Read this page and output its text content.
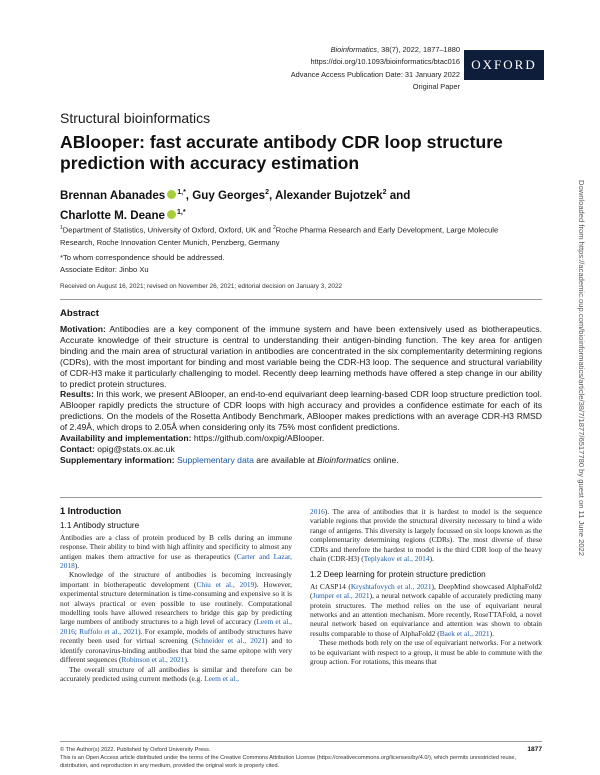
Bioinformatics, 38(7), 2022, 1877–1880
https://doi.org/10.1093/bioinformatics/btac016
Advance Access Publication Date: 31 January 2022
Original Paper
OXFORD
Structural bioinformatics
ABlooper: fast accurate antibody CDR loop structure prediction with accuracy estimation
Brennan Abanades $^{1,*}$, Guy Georges$^2$, Alexander Bujotzek$^2$ and
Charlotte M. Deane $^{1,*}$
$^1$Department of Statistics, University of Oxford, Oxford, UK and $^2$Roche Pharma Research and Early Development, Large Molecule Research, Roche Innovation Center Munich, Penzberg, Germany
*To whom correspondence should be addressed.
Associate Editor: Jinbo Xu
Received on August 16, 2021; revised on November 26, 2021; editorial decision on January 3, 2022
Abstract

Motivation: Antibodies are a key component of the immune system and have been extensively used as biotherapeutics. Accurate knowledge of their structure is central to understanding their antigen-binding function. The key area for antigen binding and the main area of structural variation in antibodies are concentrated in the six complementarity determining regions (CDRs), with the most important for binding and most variable being the CDR-H3 loop. The sequence and structural variability of CDR-H3 make it particularly challenging to model. Recently deep learning methods have offered a step change in our ability to predict protein structures.

Results: In this work, we present ABlooper, an end-to-end equivariant deep learning-based CDR loop structure prediction tool. ABlooper rapidly predicts the structure of CDR loops with high accuracy and provides a confidence estimate for each of its predictions. On the models of the Rosetta Antibody Benchmark, ABlooper makes predictions with an average CDR-H3 RMSD of 2.49Å, which drops to 2.05Å when considering only its 75% most confident predictions.

Availability and implementation: https://github.com/oxpig/ABlooper.

Contact: opig@stats.ox.ac.uk

Supplementary information: Supplementary data are available at Bioinformatics online.

1 Introduction
1.1 Antibody structure

Antibodies are a class of protein produced by B cells during an immune response. Their ability to bind with high affinity and specificity to almost any antigen makes them attractive for use as therapeutics (Carter and Lazar, 2018).

Knowledge of the structure of antibodies is becoming increasingly important in biotherapeutic development (Chiu et al., 2019). However, experimental structure determination is time-consuming and expensive so it is not always practical or even possible to use routinely. Computational modelling tools have allowed researchers to bridge this gap by predicting large numbers of antibody structures to a high level of accuracy (Leem et al., 2016; Ruffolo et al., 2021). For example, models of antibody structures have recently been used for virtual screening (Schneider et al., 2021) and to identify coronavirus-binding antibodies that bind the same epitope with very different sequences (Robinson et al., 2021).

The overall structure of all antibodies is similar and therefore can be accurately predicted using current methods (e.g. Leem et al.,

2016). The area of antibodies that it is hardest to model is the sequence variable regions that provide the structural diversity necessary to bind a wide range of antigens. This diversity is largely focussed on six loops known as the complementarity determining regions (CDRs). The most diverse of these CDRs and therefore the hardest to model is the third CDR loop of the heavy chain (CDR-H3) (Teplyakov et al., 2014).

1.2 Deep learning for protein structure prediction

At CASP14 (Kryshtafovych et al., 2021), DeepMind showcased AlphaFold2 (Jumper et al., 2021), a neural network capable of accurately predicting many protein structures. The method relies on the use of equivariant neural networks and an attention mechanism. More recently, RoseTTAFold, a novel neural network based on equivariance and attention was shown to obtain results comparable to those of AlphaFold2 (Baek et al., 2021).

These methods both rely on the use of equivariant networks. For a network to be equivariant with respect to a group, it must be able to commute with the group action. For rotations, this means that

© The Author(s) 2022. Published by Oxford University Press.	1877
This is an Open Access article distributed under the terms of the Creative Commons Attribution License (https://creativecommons.org/licenses/by/4.0/), which permits unrestricted reuse, distribution, and reproduction in any medium, provided the original work is properly cited.
Downloaded from https://academic.oup.com/bioinformatics/article/38/7/1877/6517780 by guest on 11 June 2022
